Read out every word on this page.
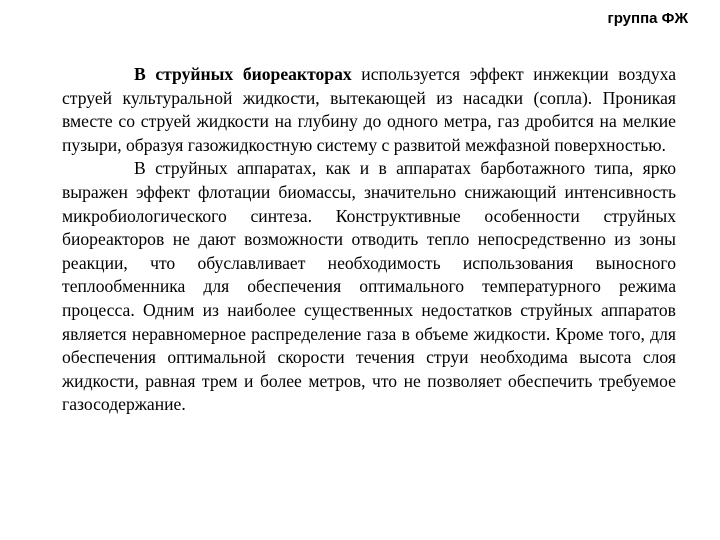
группа ФЖ

В струйных биореакторах используется эффект инжекции воздуха струей культуральной жидкости, вытекающей из насадки (сопла). Проникая вместе со струей жидкости на глубину до одного метра, газ дробится на мелкие пузыри, образуя газожидкостную систему с развитой межфазной поверхностью.

В струйных аппаратах, как и в аппаратах барботажного типа, ярко выражен эффект флотации биомассы, значительно снижающий интенсивность микробиологического синтеза. Конструктивные особенности струйных биореакторов не дают возможности отводить тепло непосредственно из зоны реакции, что обуславливает необходимость использования выносного теплообменника для обеспечения оптимального температурного режима процесса. Одним из наиболее существенных недостатков струйных аппаратов является неравномерное распределение газа в объеме жидкости. Кроме того, для обеспечения оптимальной скорости течения струи необходима высота слоя жидкости, равная трем и более метров, что не позволяет обеспечить требуемое газосодержание.
